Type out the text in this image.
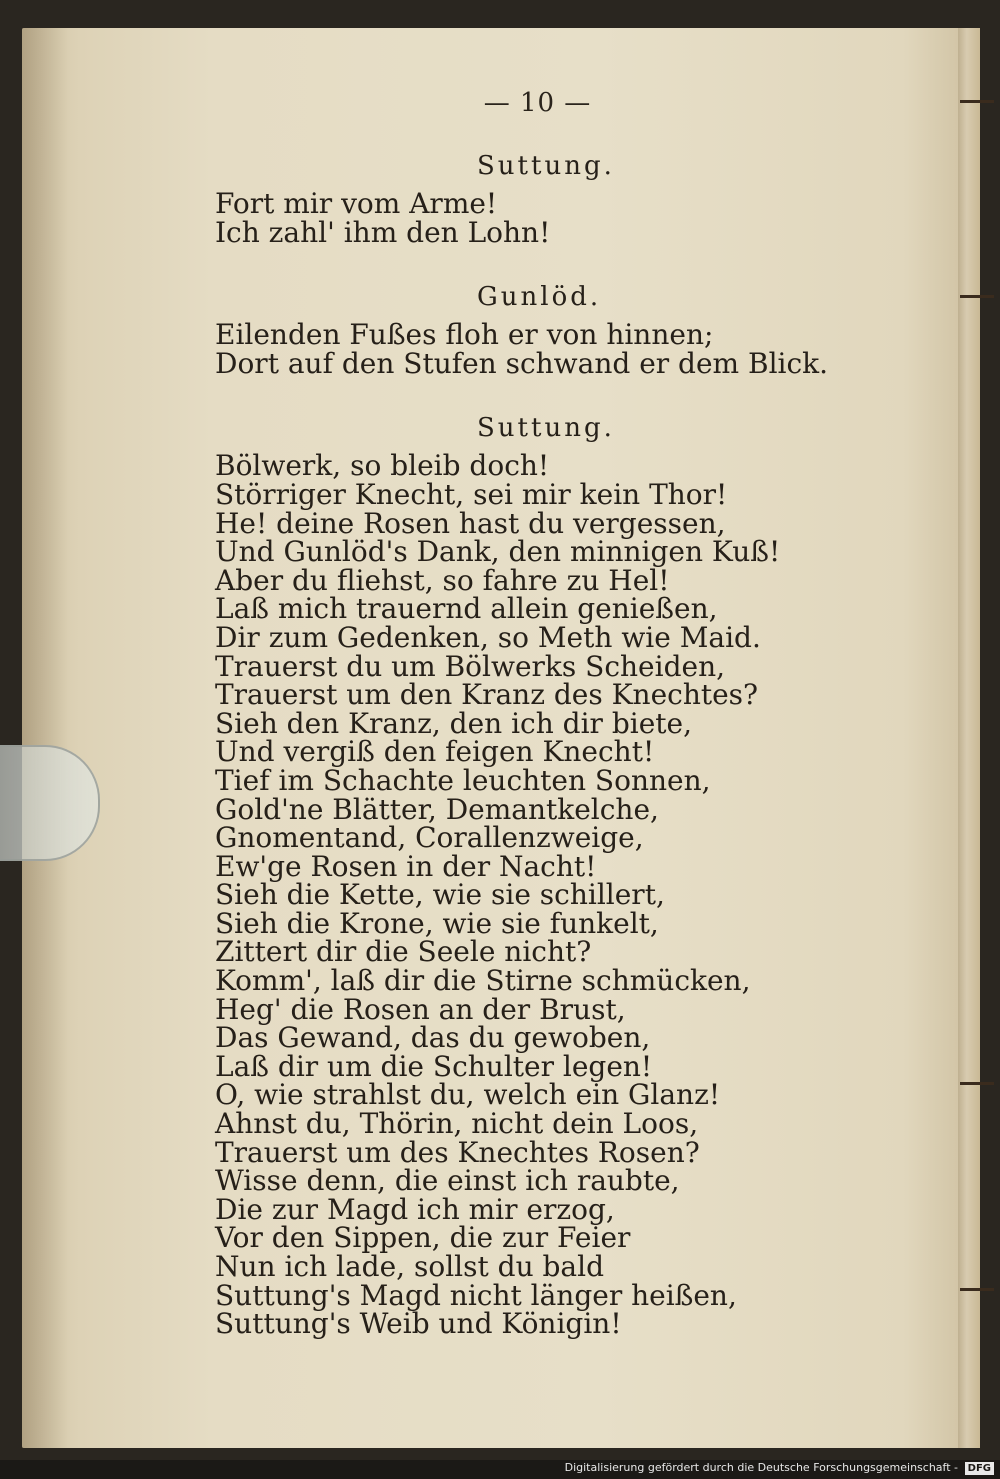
— 10 —
Suttung.
Fort mir vom Arme!
Ich zahl' ihm den Lohn!
Gunlöd.
Eilenden Fußes floh er von hinnen;
Dort auf den Stufen schwand er dem Blick.
Suttung.
Bölwerk, so bleib doch!
Störriger Knecht, sei mir kein Thor!
He! deine Rosen hast du vergessen,
Und Gunlöd's Dank, den minnigen Kuß!
Aber du fliehst, so fahre zu Hel!
Laß mich trauernd allein genießen,
Dir zum Gedenken, so Meth wie Maid.
Trauerst du um Bölwerks Scheiden,
Trauerst um den Kranz des Knechtes?
Sieh den Kranz, den ich dir biete,
Und vergiß den feigen Knecht!
Tief im Schachte leuchten Sonnen,
Gold'ne Blätter, Demantkelche,
Gnomentand, Corallenzweige,
Ew'ge Rosen in der Nacht!
Sieh die Kette, wie sie schillert,
Sieh die Krone, wie sie funkelt,
Zittert dir die Seele nicht?
Komm', laß dir die Stirne schmücken,
Heg' die Rosen an der Brust,
Das Gewand, das du gewoben,
Laß dir um die Schulter legen!
O, wie strahlst du, welch ein Glanz!
Ahnst du, Thörin, nicht dein Loos,
Trauerst um des Knechtes Rosen?
Wisse denn, die einst ich raubte,
Die zur Magd ich mir erzog,
Vor den Sippen, die zur Feier
Nun ich lade, sollst du bald
Suttung's Magd nicht länger heißen,
Suttung's Weib und Königin!
Digitalisierung gefördert durch die Deutsche Forschungsgemeinschaft - DFG
